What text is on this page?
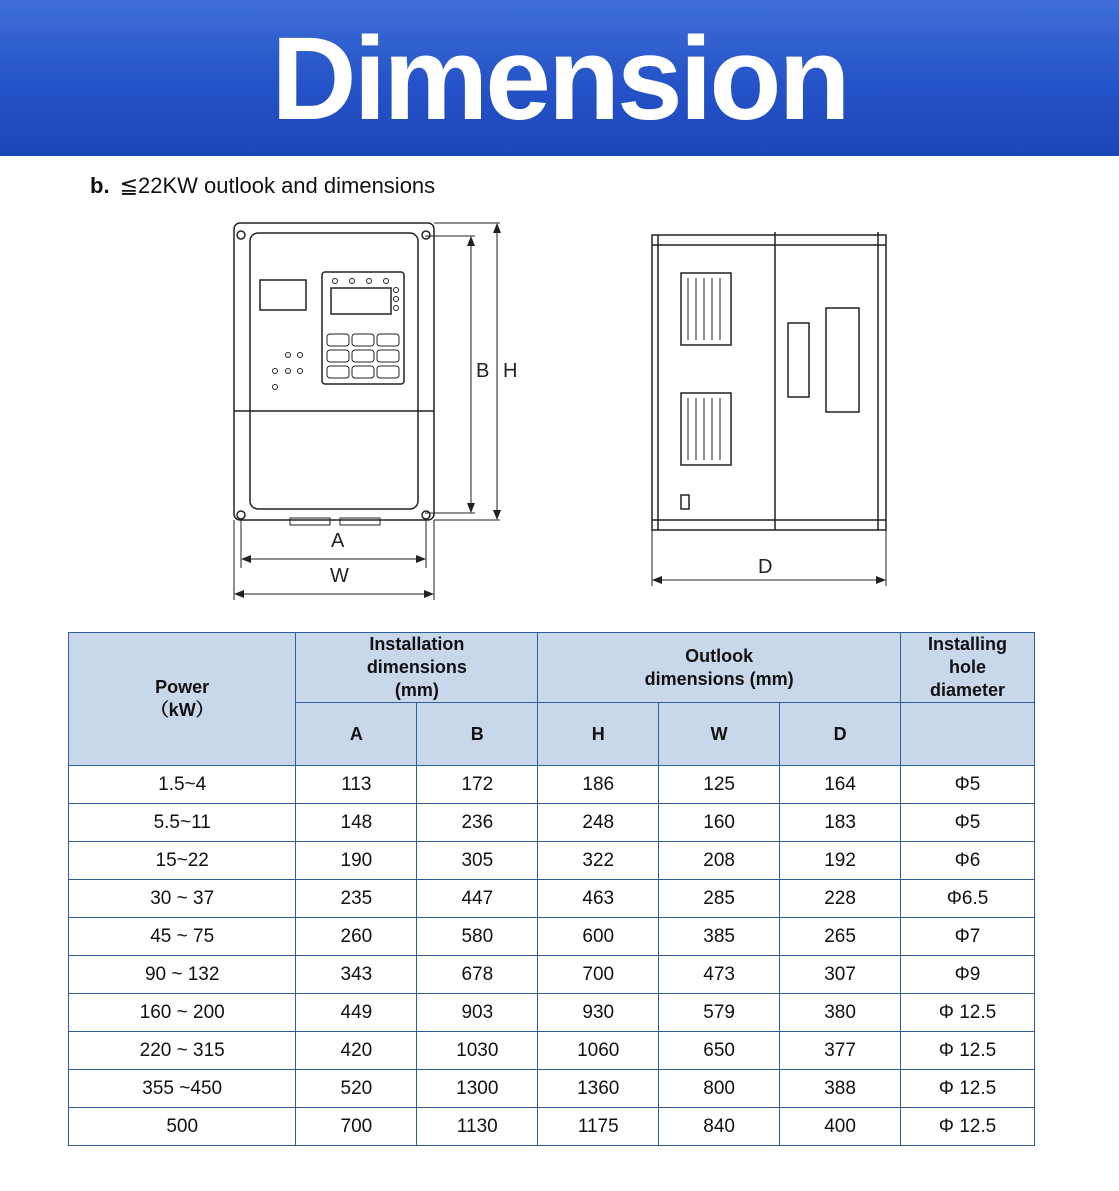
Dimension
b. ≦22KW outlook and dimensions
B H
A
W	D
Power
（kW）	Installation dimensions (mm)		Outlook dimensions (mm)			Installing hole diameter
	A	B	H	W	D	
1.5~4	113	172	186	125	164	Φ5
5.5~11	148	236	248	160	183	Φ5
15~22	190	305	322	208	192	Φ6
30 ~ 37	235	447	463	285	228	Φ6.5
45 ~ 75	260	580	600	385	265	Φ7
90 ~ 132	343	678	700	473	307	Φ9
160 ~ 200	449	903	930	579	380	Φ 12.5
220 ~ 315	420	1030	1060	650	377	Φ 12.5
355 ~450	520	1300	1360	800	388	Φ 12.5
500	700	1130	1175	840	400	Φ 12.5
